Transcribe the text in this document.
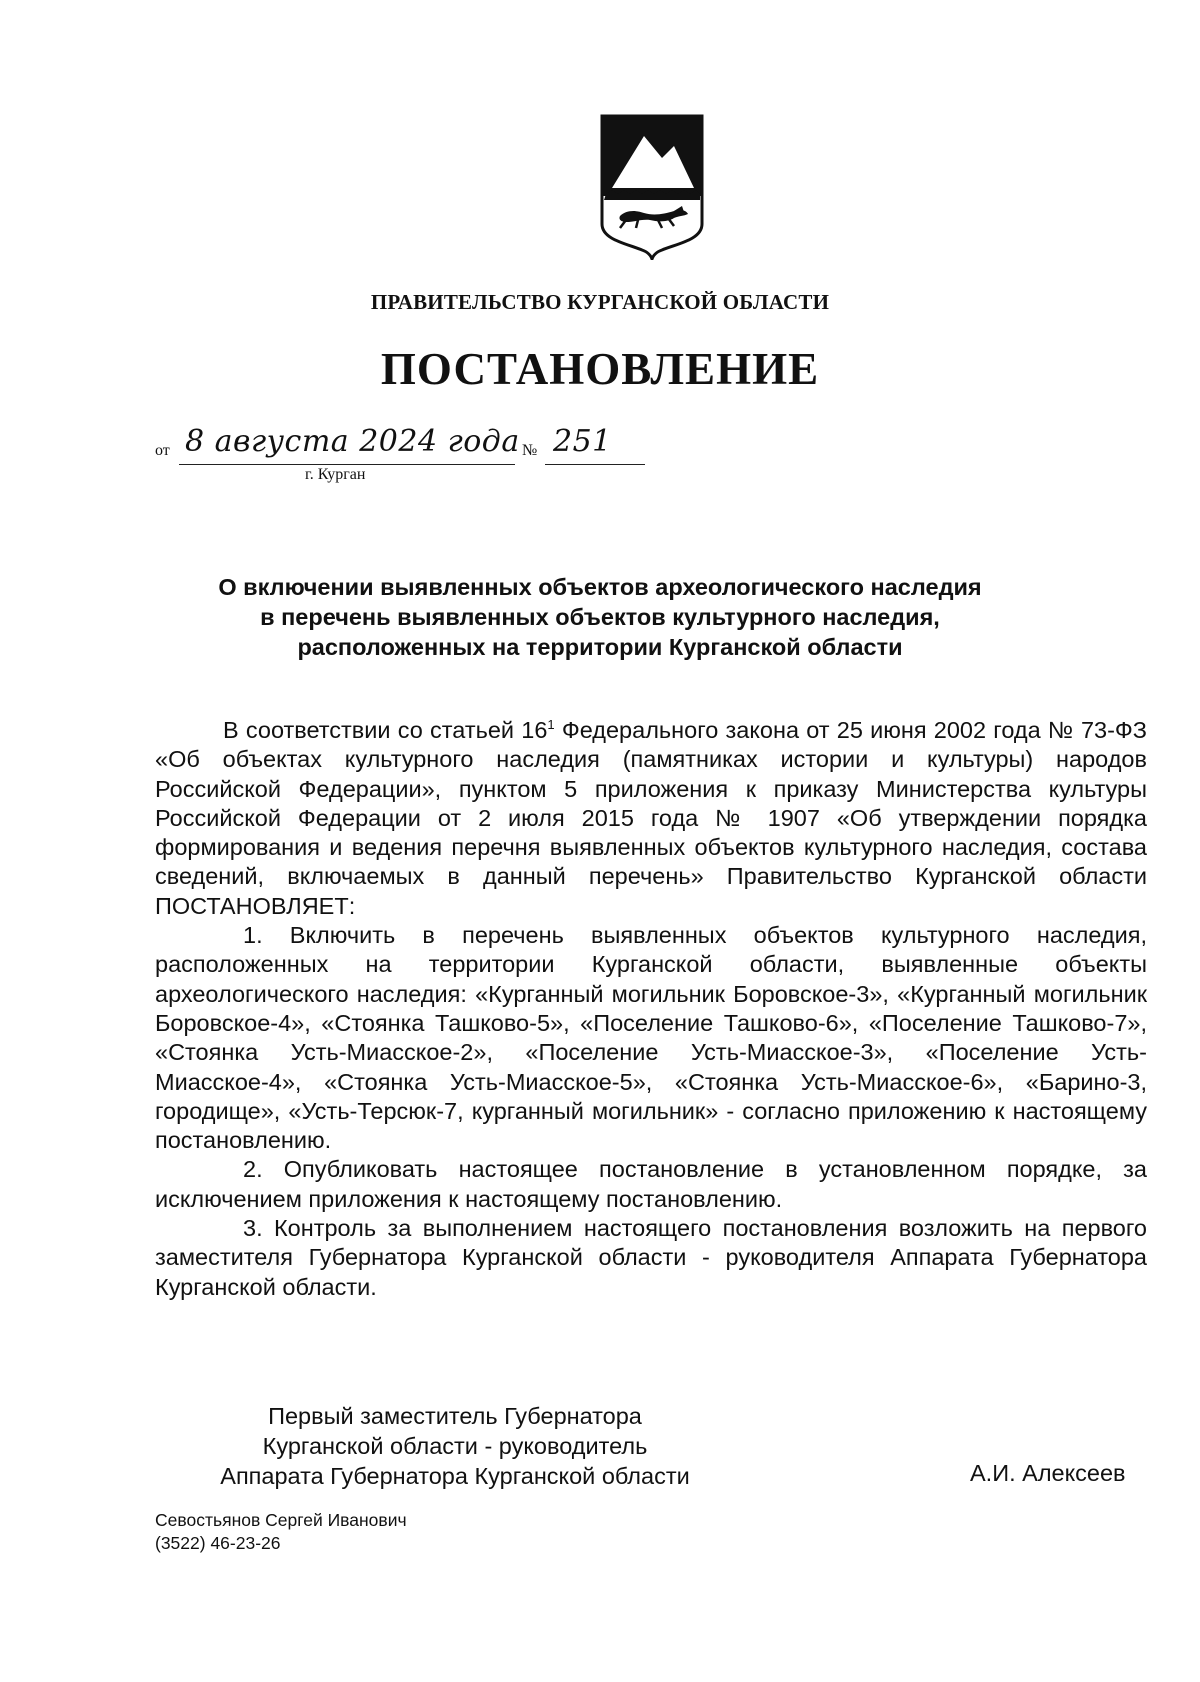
ПРАВИТЕЛЬСТВО КУРГАНСКОЙ ОБЛАСТИ
ПОСТАНОВЛЕНИЕ
от 8 августа 2024 года № 251
г. Курган
О включении выявленных объектов археологического наследия
в перечень выявленных объектов культурного наследия,
расположенных на территории Курганской области

В соответствии со статьей $16^1$ Федерального закона от 25 июня 2002 года № 73-ФЗ «Об объектах культурного наследия (памятниках истории и культуры) народов Российской Федерации», пунктом 5 приложения к приказу Министерства культуры Российской Федерации от 2 июля 2015 года № 1907 «Об утверждении порядка формирования и ведения перечня выявленных объектов культурного наследия, состава сведений, включаемых в данный перечень» Правительство Курганской области ПОСТАНОВЛЯЕТ:

1. Включить в перечень выявленных объектов культурного наследия, расположенных на территории Курганской области, выявленные объекты археологического наследия: «Курганный могильник Боровское-3», «Курганный могильник Боровское-4», «Стоянка Ташково-5», «Поселение Ташково-6», «Поселение Ташково-7», «Стоянка Усть-Миасское-2», «Поселение Усть-Миасское-3», «Поселение Усть-Миасское-4», «Стоянка Усть-Миасское-5», «Стоянка Усть-Миасское-6», «Барино-3, городище», «Усть-Терсюк-7, курганный могильник» - согласно приложению к настоящему постановлению.

2. Опубликовать настоящее постановление в установленном порядке, за исключением приложения к настоящему постановлению.

3. Контроль за выполнением настоящего постановления возложить на первого заместителя Губернатора Курганской области - руководителя Аппарата Губернатора Курганской области.

Первый заместитель Губернатора
Курганской области - руководитель
Аппарата Губернатора Курганской области	А.И. Алексеев
Севостьянов Сергей Иванович
(3522) 46-23-26
